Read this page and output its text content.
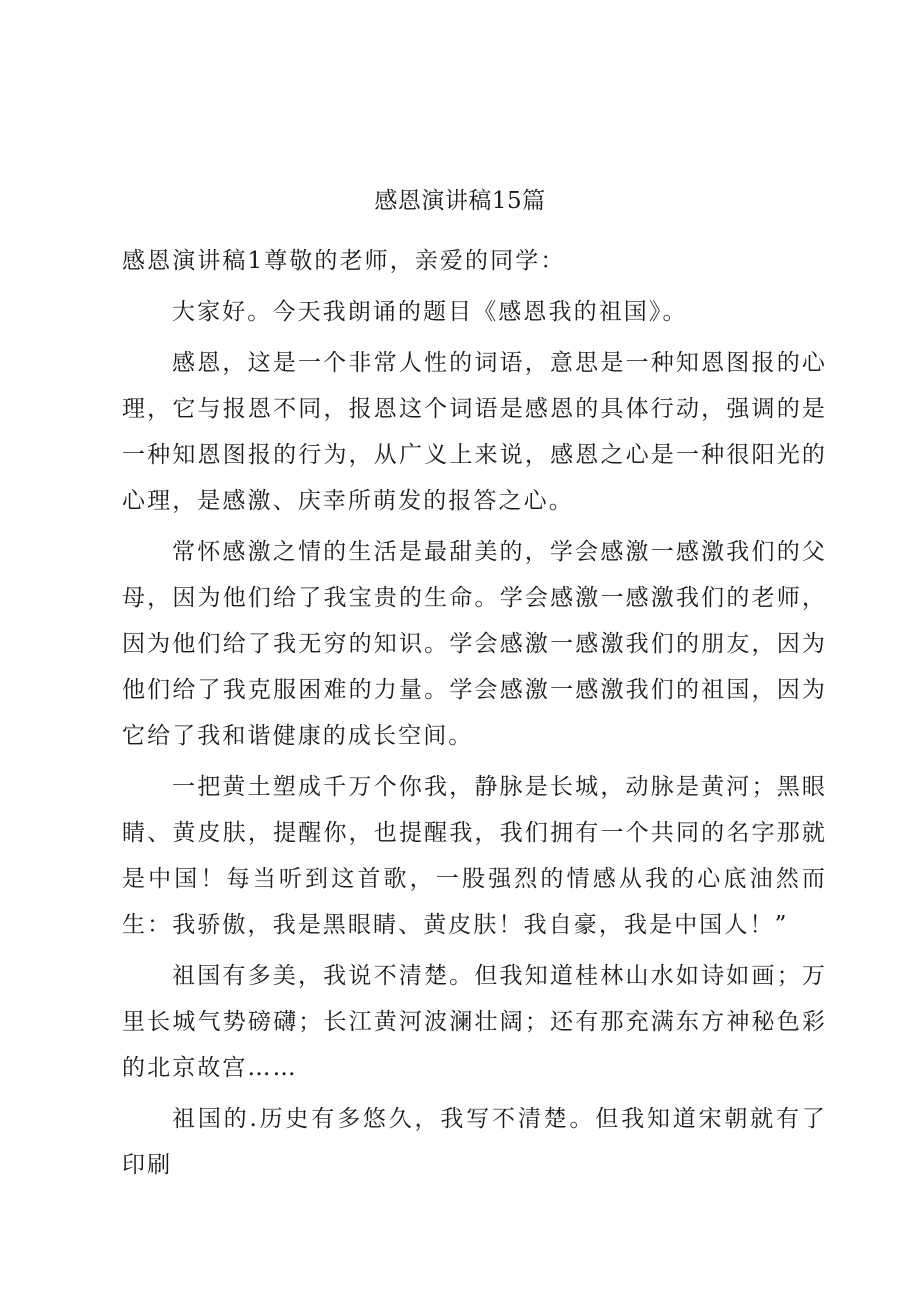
感恩演讲稿15篇

感恩演讲稿1尊敬的老师，亲爱的同学：

大家好。今天我朗诵的题目《感恩我的祖国》。

感恩，这是一个非常人性的词语，意思是一种知恩图报的心理，它与报恩不同，报恩这个词语是感恩的具体行动，强调的是一种知恩图报的行为，从广义上来说，感恩之心是一种很阳光的心理，是感激、庆幸所萌发的报答之心。

常怀感激之情的生活是最甜美的，学会感激一感激我们的父母，因为他们给了我宝贵的生命。学会感激一感激我们的老师，因为他们给了我无穷的知识。学会感激一感激我们的朋友，因为他们给了我克服困难的力量。学会感激一感激我们的祖国，因为它给了我和谐健康的成长空间。

一把黄土塑成千万个你我，静脉是长城，动脉是黄河；黑眼睛、黄皮肤，提醒你，也提醒我，我们拥有一个共同的名字那就是中国！每当听到这首歌，一股强烈的情感从我的心底油然而生：我骄傲，我是黑眼睛、黄皮肤！我自豪，我是中国人！”

祖国有多美，我说不清楚。但我知道桂林山水如诗如画；万里长城气势磅礴；长江黄河波澜壮阔；还有那充满东方神秘色彩的北京故宫……

祖国的.历史有多悠久，我写不清楚。但我知道宋朝就有了印刷
